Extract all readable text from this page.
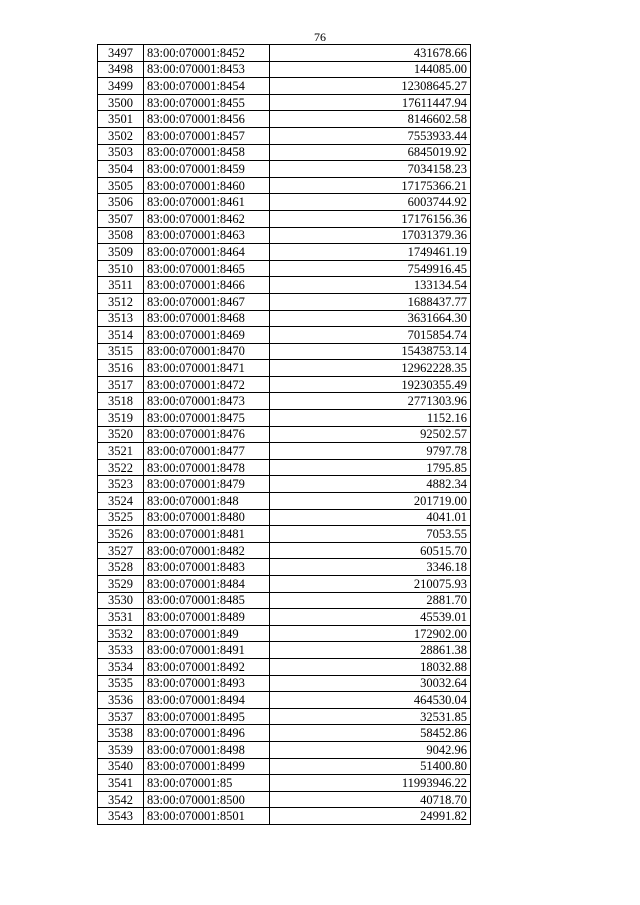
76
3497	83:00:070001:8452	431678.66
3498	83:00:070001:8453	144085.00
3499	83:00:070001:8454	12308645.27
3500	83:00:070001:8455	17611447.94
3501	83:00:070001:8456	8146602.58
3502	83:00:070001:8457	7553933.44
3503	83:00:070001:8458	6845019.92
3504	83:00:070001:8459	7034158.23
3505	83:00:070001:8460	17175366.21
3506	83:00:070001:8461	6003744.92
3507	83:00:070001:8462	17176156.36
3508	83:00:070001:8463	17031379.36
3509	83:00:070001:8464	1749461.19
3510	83:00:070001:8465	7549916.45
3511	83:00:070001:8466	133134.54
3512	83:00:070001:8467	1688437.77
3513	83:00:070001:8468	3631664.30
3514	83:00:070001:8469	7015854.74
3515	83:00:070001:8470	15438753.14
3516	83:00:070001:8471	12962228.35
3517	83:00:070001:8472	19230355.49
3518	83:00:070001:8473	2771303.96
3519	83:00:070001:8475	1152.16
3520	83:00:070001:8476	92502.57
3521	83:00:070001:8477	9797.78
3522	83:00:070001:8478	1795.85
3523	83:00:070001:8479	4882.34
3524	83:00:070001:848	201719.00
3525	83:00:070001:8480	4041.01
3526	83:00:070001:8481	7053.55
3527	83:00:070001:8482	60515.70
3528	83:00:070001:8483	3346.18
3529	83:00:070001:8484	210075.93
3530	83:00:070001:8485	2881.70
3531	83:00:070001:8489	45539.01
3532	83:00:070001:849	172902.00
3533	83:00:070001:8491	28861.38
3534	83:00:070001:8492	18032.88
3535	83:00:070001:8493	30032.64
3536	83:00:070001:8494	464530.04
3537	83:00:070001:8495	32531.85
3538	83:00:070001:8496	58452.86
3539	83:00:070001:8498	9042.96
3540	83:00:070001:8499	51400.80
3541	83:00:070001:85	11993946.22
3542	83:00:070001:8500	40718.70
3543	83:00:070001:8501	24991.82
